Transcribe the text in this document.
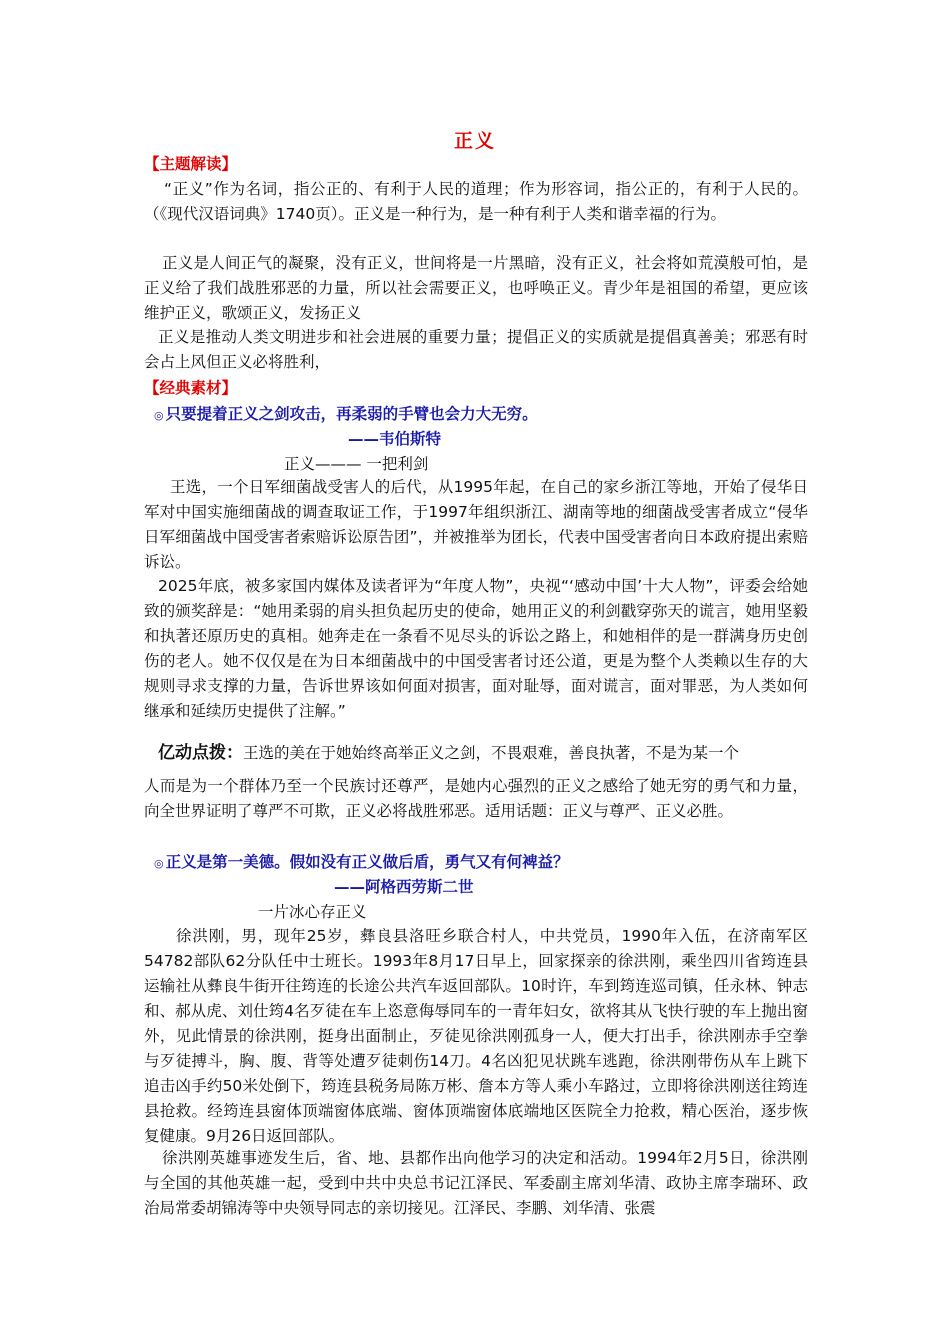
正义
【主题解读】

“正义”作为名词，指公正的、有利于人民的道理；作为形容词，指公正的，有利于人民的。（《现代汉语词典》1740页）。正义是一种行为，是一种有利于人类和谐幸福的行为。

正义是人间正气的凝聚，没有正义，世间将是一片黑暗，没有正义，社会将如荒漠般可怕，是正义给了我们战胜邪恶的力量，所以社会需要正义，也呼唤正义。青少年是祖国的希望，更应该维护正义，歌颂正义，发扬正义

正义是推动人类文明进步和社会进展的重要力量；提倡正义的实质就是提倡真善美；邪恶有时会占上风但正义必将胜利，

【经典素材】
◎ 只要提着正义之剑攻击，再柔弱的手臂也会力大无穷。
——韦伯斯特
正义——— 一把利剑

王选，一个日军细菌战受害人的后代，从1995年起，在自己的家乡浙江等地，开始了侵华日军对中国实施细菌战的调查取证工作，于1997年组织浙江、湖南等地的细菌战受害者成立“侵华日军细菌战中国受害者索赔诉讼原告团”，并被推举为团长，代表中国受害者向日本政府提出索赔诉讼。

2025年底，被多家国内媒体及读者评为“年度人物”，央视“‘感动中国’十大人物”，评委会给她致的颁奖辞是：“她用柔弱的肩头担负起历史的使命，她用正义的利剑戳穿弥天的谎言，她用坚毅和执著还原历史的真相。她奔走在一条看不见尽头的诉讼之路上，和她相伴的是一群满身历史创伤的老人。她不仅仅是在为日本细菌战中的中国受害者讨还公道，更是为整个人类赖以生存的大规则寻求支撑的力量，告诉世界该如何面对损害，面对耻辱，面对谎言，面对罪恶，为人类如何继承和延续历史提供了注解。”

亿动点拨：王选的美在于她始终高举正义之剑，不畏艰难，善良执著，不是为某一个

人而是为一个群体乃至一个民族讨还尊严，是她内心强烈的正义之感给了她无穷的勇气和力量，向全世界证明了尊严不可欺，正义必将战胜邪恶。适用话题：正义与尊严、正义必胜。

◎ 正义是第一美德。假如没有正义做后盾，勇气又有何裨益？
——阿格西劳斯二世
一片冰心存正义

徐洪刚，男，现年25岁，彝良县洛旺乡联合村人，中共党员，1990年入伍，在济南军区54782部队62分队任中士班长。1993年8月17日早上，回家探亲的徐洪刚，乘坐四川省筠连县运输社从彝良牛街开往筠连的长途公共汽车返回部队。10时许，车到筠连巡司镇，任永林、钟志和、郝从虎、刘仕筠4名歹徒在车上恣意侮辱同车的一青年妇女，欲将其从飞快行驶的车上抛出窗外，见此情景的徐洪刚，挺身出面制止，歹徒见徐洪刚孤身一人，便大打出手，徐洪刚赤手空拳与歹徒搏斗，胸、腹、背等处遭歹徒刺伤14刀。4名凶犯见状跳车逃跑，徐洪刚带伤从车上跳下追击凶手约50米处倒下，筠连县税务局陈万彬、詹本方等人乘小车路过，立即将徐洪刚送往筠连县抢救。经筠连县窗体顶端窗体底端、窗体顶端窗体底端地区医院全力抢救，精心医治，逐步恢复健康。9月26日返回部队。

徐洪刚英雄事迹发生后，省、地、县都作出向他学习的决定和活动。1994年2月5日，徐洪刚与全国的其他英雄一起，受到中共中央总书记江泽民、军委副主席刘华清、政协主席李瑞环、政治局常委胡锦涛等中央领导同志的亲切接见。江泽民、李鹏、刘华清、张震
